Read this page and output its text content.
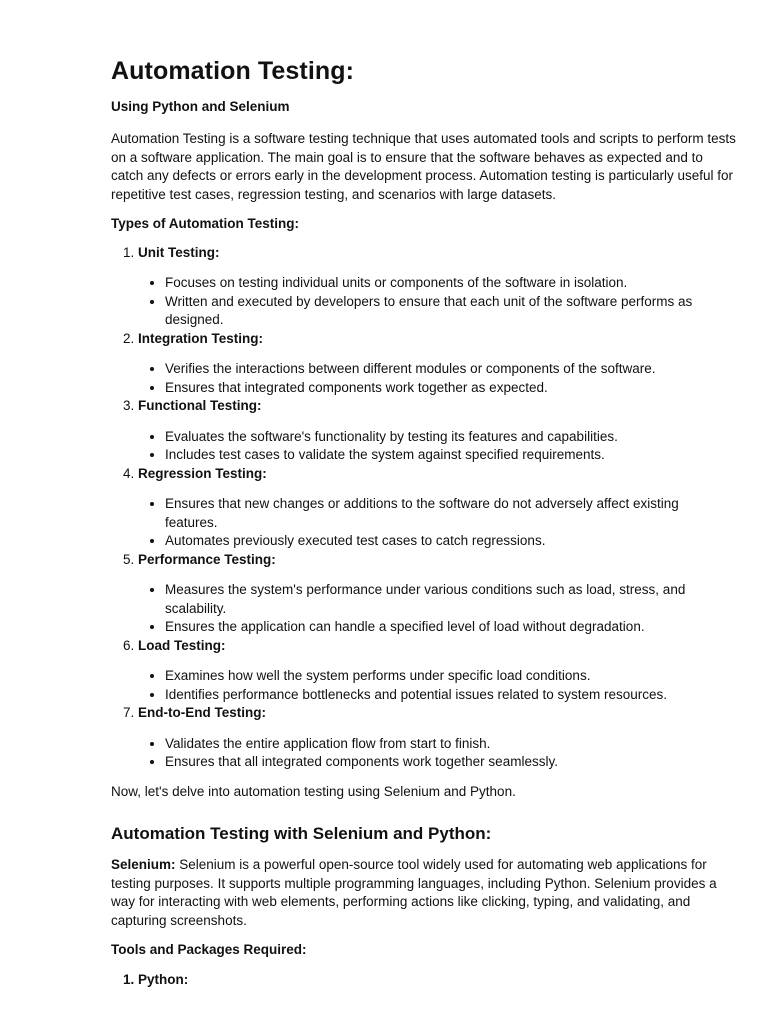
Automation Testing:
Using Python and Selenium

Automation Testing is a software testing technique that uses automated tools and scripts to perform tests on a software application. The main goal is to ensure that the software behaves as expected and to catch any defects or errors early in the development process. Automation testing is particularly useful for repetitive test cases, regression testing, and scenarios with large datasets.

Types of Automation Testing:

1. Unit Testing:
• Focuses on testing individual units or components of the software in isolation.
• Written and executed by developers to ensure that each unit of the software performs as designed.
2. Integration Testing:
• Verifies the interactions between different modules or components of the software.
• Ensures that integrated components work together as expected.
3. Functional Testing:
• Evaluates the software's functionality by testing its features and capabilities.
• Includes test cases to validate the system against specified requirements.
4. Regression Testing:
• Ensures that new changes or additions to the software do not adversely affect existing features.
• Automates previously executed test cases to catch regressions.
5. Performance Testing:
• Measures the system's performance under various conditions such as load, stress, and scalability.
• Ensures the application can handle a specified level of load without degradation.
6. Load Testing:
• Examines how well the system performs under specific load conditions.
• Identifies performance bottlenecks and potential issues related to system resources.
7. End-to-End Testing:
• Validates the entire application flow from start to finish.
• Ensures that all integrated components work together seamlessly.

Now, let's delve into automation testing using Selenium and Python.

Automation Testing with Selenium and Python:

Selenium: Selenium is a powerful open-source tool widely used for automating web applications for testing purposes. It supports multiple programming languages, including Python. Selenium provides a way for interacting with web elements, performing actions like clicking, typing, and validating, and capturing screenshots.

Tools and Packages Required:

1. Python:
